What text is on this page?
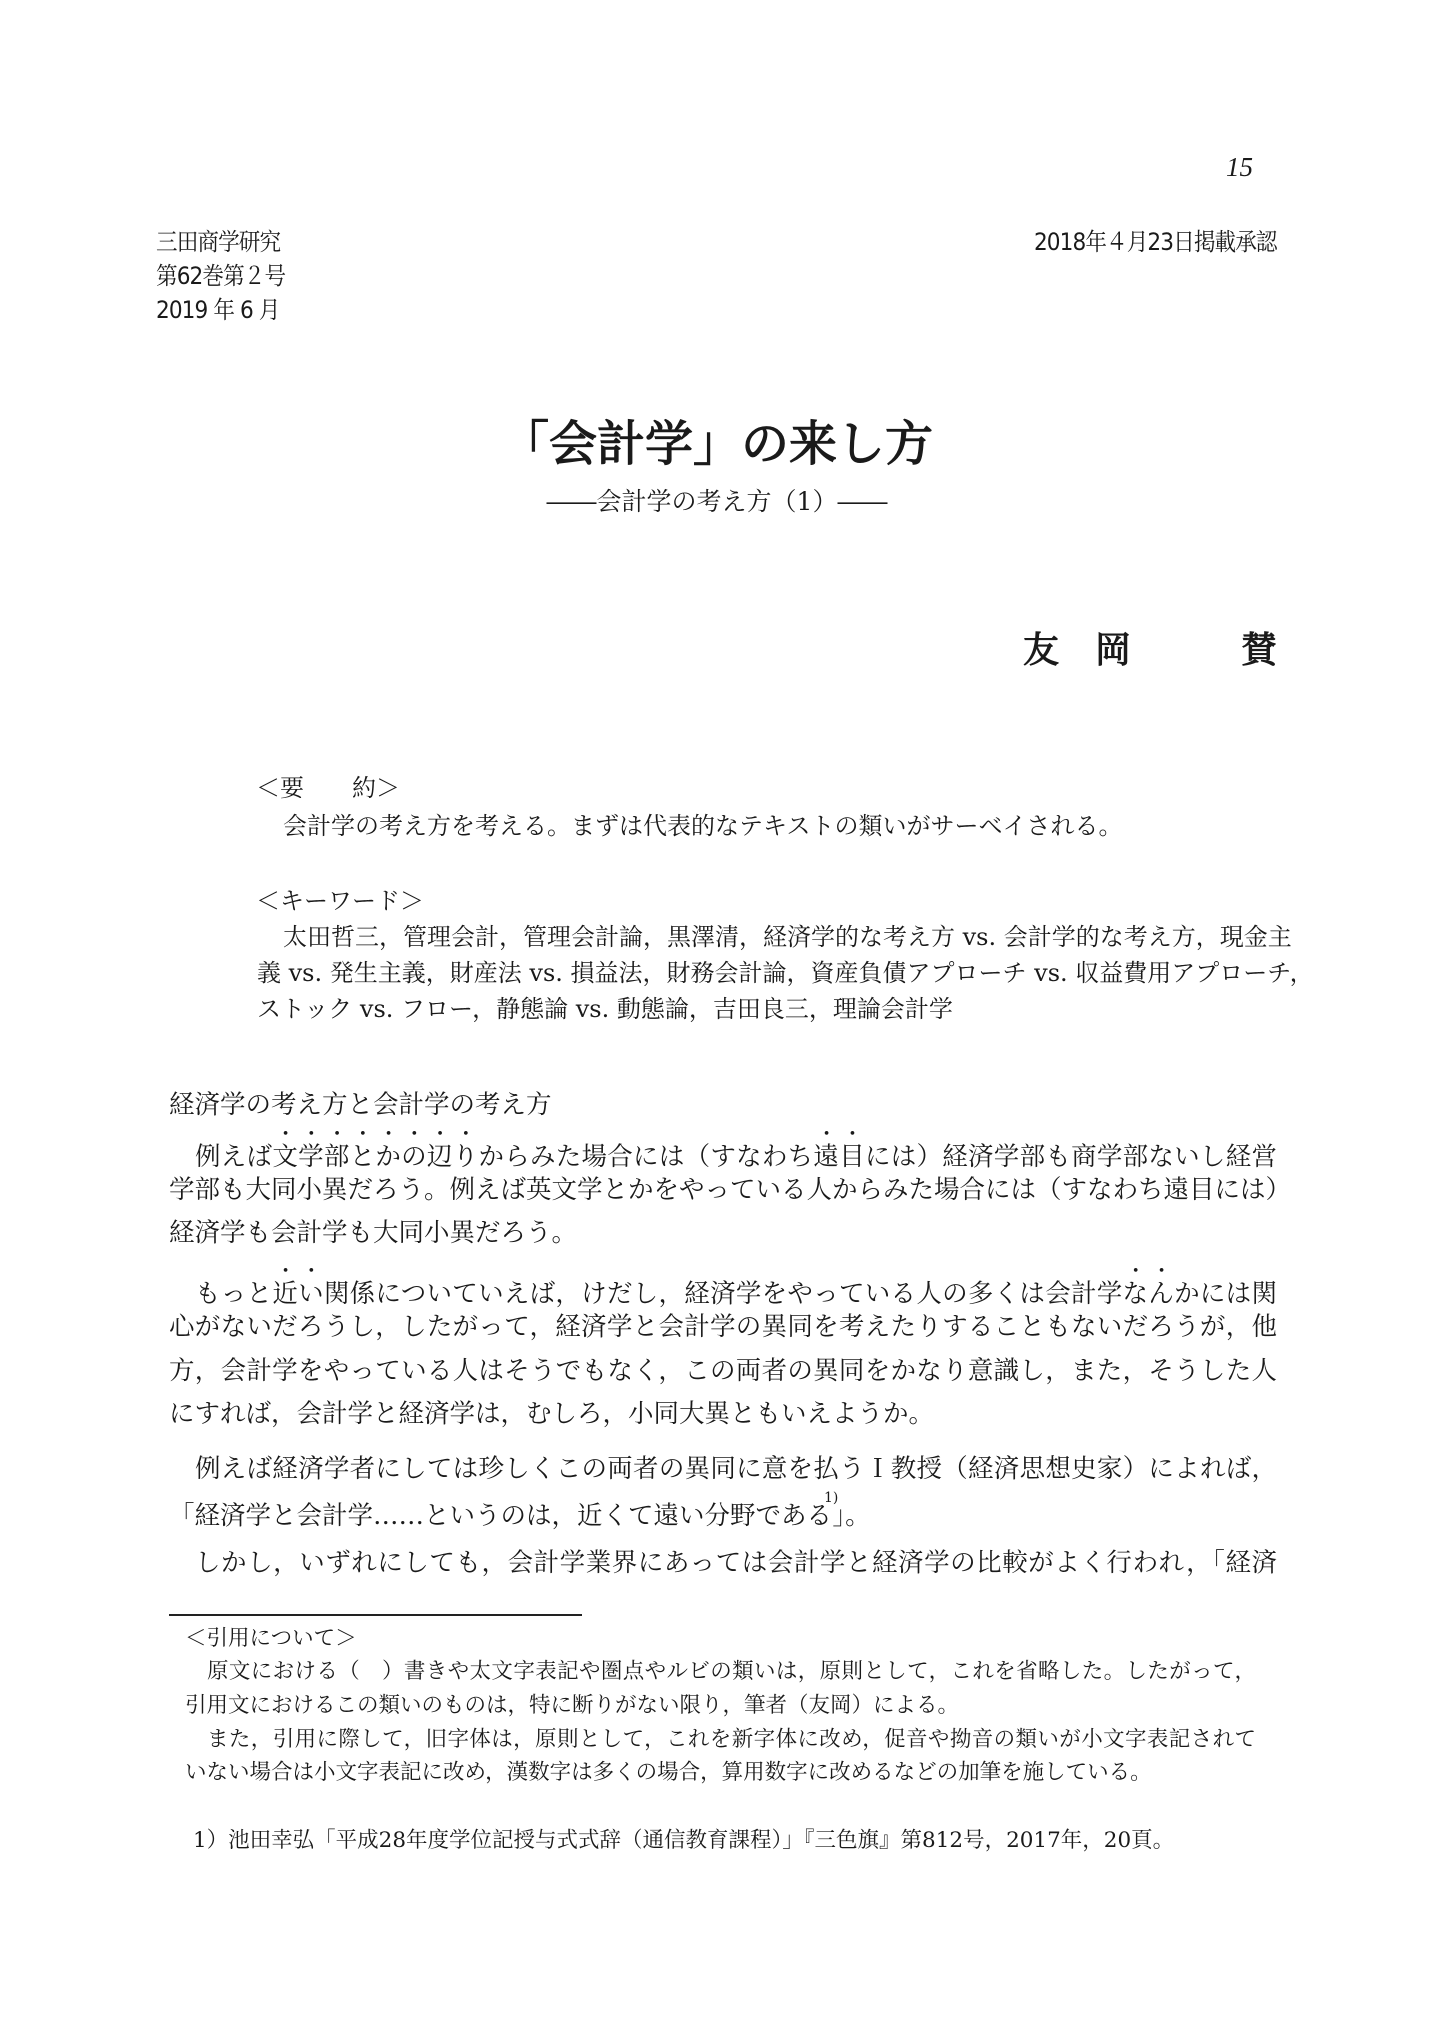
15
三田商学研究
第62巻第２号
2019 年 6 月
2018年４月23日掲載承認
「会計学」の来し方
――会計学の考え方（1）――
友　岡	賛
＜要　　約＞
会計学の考え方を考える。まずは代表的なテキストの類いがサーベイされる。
＜キーワード＞
太田哲三，管理会計，管理会計論，黒澤清，経済学的な考え方 vs. 会計学的な考え方，現金主
義 vs. 発生主義，財産法 vs. 損益法，財務会計論，資産負債アプローチ vs. 収益費用アプローチ，
ストック vs. フロー，静態論 vs. 動態論，吉田良三，理論会計学
経済学の考え方と会計学の考え方
例えば文学部とかの辺りからみた場合には（すなわち遠目には）経済学部も商学部ないし経営
学部も大同小異だろう。例えば英文学とかをやっている人からみた場合には（すなわち遠目には）
経済学も会計学も大同小異だろう。
もっと近い関係についていえば，けだし，経済学をやっている人の多くは会計学なんかには関
心がないだろうし，したがって，経済学と会計学の異同を考えたりすることもないだろうが，他
方，会計学をやっている人はそうでもなく，この両者の異同をかなり意識し，また，そうした人
にすれば，会計学と経済学は，むしろ，小同大異ともいえようか。
例えば経済学者にしては珍しくこの両者の異同に意を払うＩ教授（経済思想史家）によれば，
「経済学と会計学……というのは，近くて遠い分野である$^{1)}$」。
しかし，いずれにしても，会計学業界にあっては会計学と経済学の比較がよく行われ，「経済
＜引用について＞
原文における（　）書きや太文字表記や圏点やルビの類いは，原則として，これを省略した。したがって，
引用文におけるこの類いのものは，特に断りがない限り，筆者（友岡）による。
また，引用に際して，旧字体は，原則として，これを新字体に改め，促音や拗音の類いが小文字表記されて
いない場合は小文字表記に改め，漢数字は多くの場合，算用数字に改めるなどの加筆を施している。
1）池田幸弘「平成28年度学位記授与式式辞（通信教育課程）」『三色旗』第812号，2017年，20頁。
